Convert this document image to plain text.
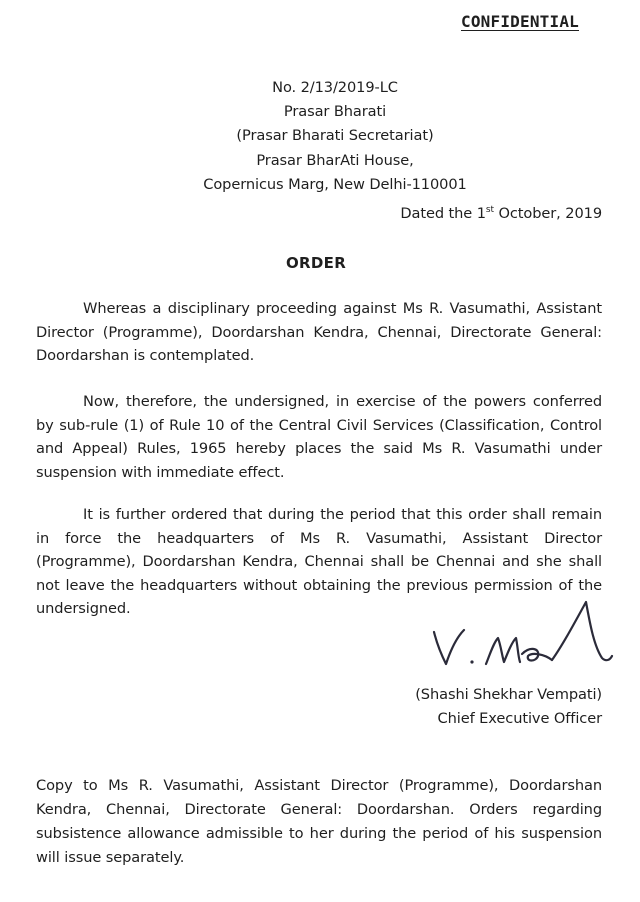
CONFIDENTIAL
No. 2/13/2019-LC
Prasar Bharati
(Prasar Bharati Secretariat)
Prasar BharAti House,
Copernicus Marg, New Delhi-110001
Dated the 1st October, 2019
ORDER

Whereas a disciplinary proceeding against Ms R. Vasumathi, Assistant Director (Programme), Doordarshan Kendra, Chennai, Directorate General: Doordarshan is contemplated.

Now, therefore, the undersigned, in exercise of the powers conferred by sub-rule (1) of Rule 10 of the Central Civil Services (Classification, Control and Appeal) Rules, 1965 hereby places the said Ms R. Vasumathi under suspension with immediate effect.

It is further ordered that during the period that this order shall remain in force the headquarters of Ms R. Vasumathi, Assistant Director (Programme), Doordarshan Kendra, Chennai shall be Chennai and she shall not leave the headquarters without obtaining the previous permission of the undersigned.

(Shashi Shekhar Vempati)
Chief Executive Officer

Copy to Ms R. Vasumathi, Assistant Director (Programme), Doordarshan Kendra, Chennai, Directorate General: Doordarshan. Orders regarding subsistence allowance admissible to her during the period of his suspension will issue separately.
